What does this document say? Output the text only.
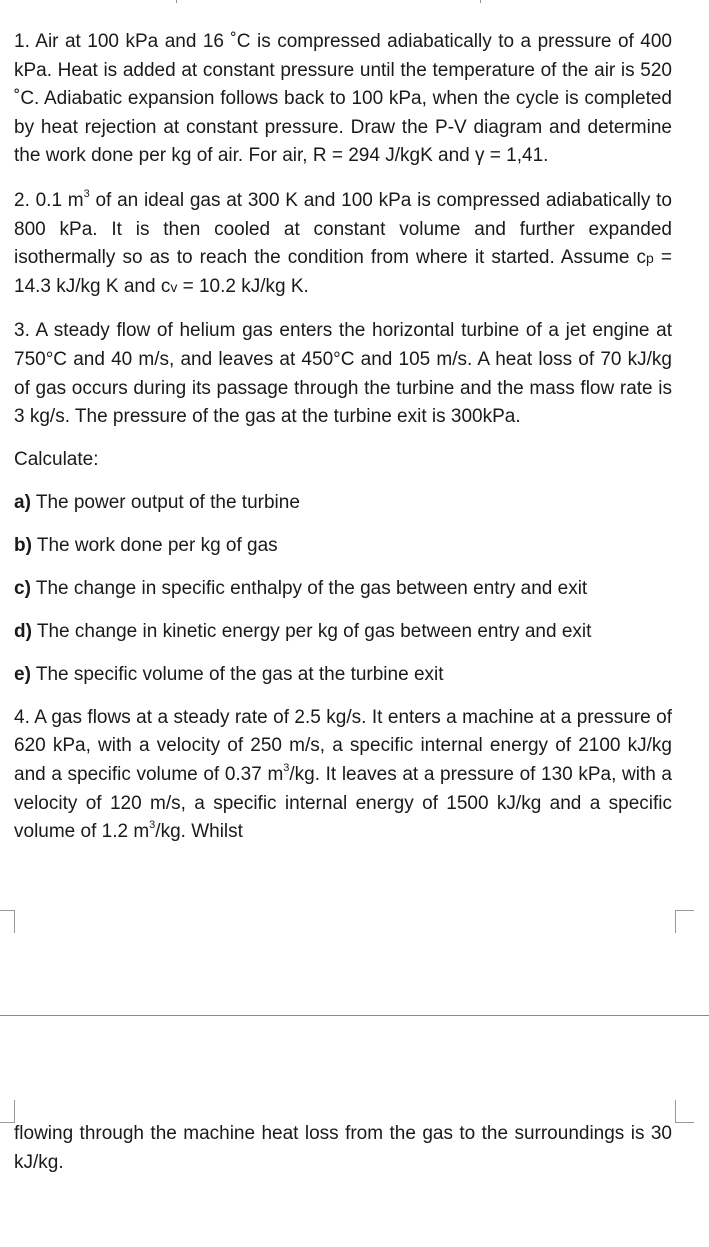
1. Air at 100 kPa and 16 ˚C is compressed adiabatically to a pressure of 400 kPa. Heat is added at constant pressure until the temperature of the air is 520 ˚C. Adiabatic expansion follows back to 100 kPa, when the cycle is completed by heat rejection at constant pressure. Draw the P-V diagram and determine the work done per kg of air. For air, R = 294 J/kgK and γ = 1,41.

2. 0.1 $m^3$ of an ideal gas at 300 K and 100 kPa is compressed adiabatically to 800 kPa. It is then cooled at constant volume and further expanded isothermally so as to reach the condition from where it started. Assume cp = 14.3 kJ/kg K and cv = 10.2 kJ/kg K.

3. A steady flow of helium gas enters the horizontal turbine of a jet engine at 750°C and 40 m/s, and leaves at 450°C and 105 m/s. A heat loss of 70 kJ/kg of gas occurs during its passage through the turbine and the mass flow rate is 3 kg/s. The pressure of the gas at the turbine exit is 300kPa.

Calculate:

a) The power output of the turbine

b) The work done per kg of gas

c) The change in specific enthalpy of the gas between entry and exit

d) The change in kinetic energy per kg of gas between entry and exit

e) The specific volume of the gas at the turbine exit

4. A gas flows at a steady rate of 2.5 kg/s. It enters a machine at a pressure of 620 kPa, with a velocity of 250 m/s, a specific internal energy of 2100 kJ/kg and a specific volume of 0.37 $m^3/kg$. It leaves at a pressure of 130 kPa, with a velocity of 120 m/s, a specific internal energy of 1500 kJ/kg and a specific volume of 1.2 $m^3/kg$. Whilst

flowing through the machine heat loss from the gas to the surroundings is 30 kJ/kg.
